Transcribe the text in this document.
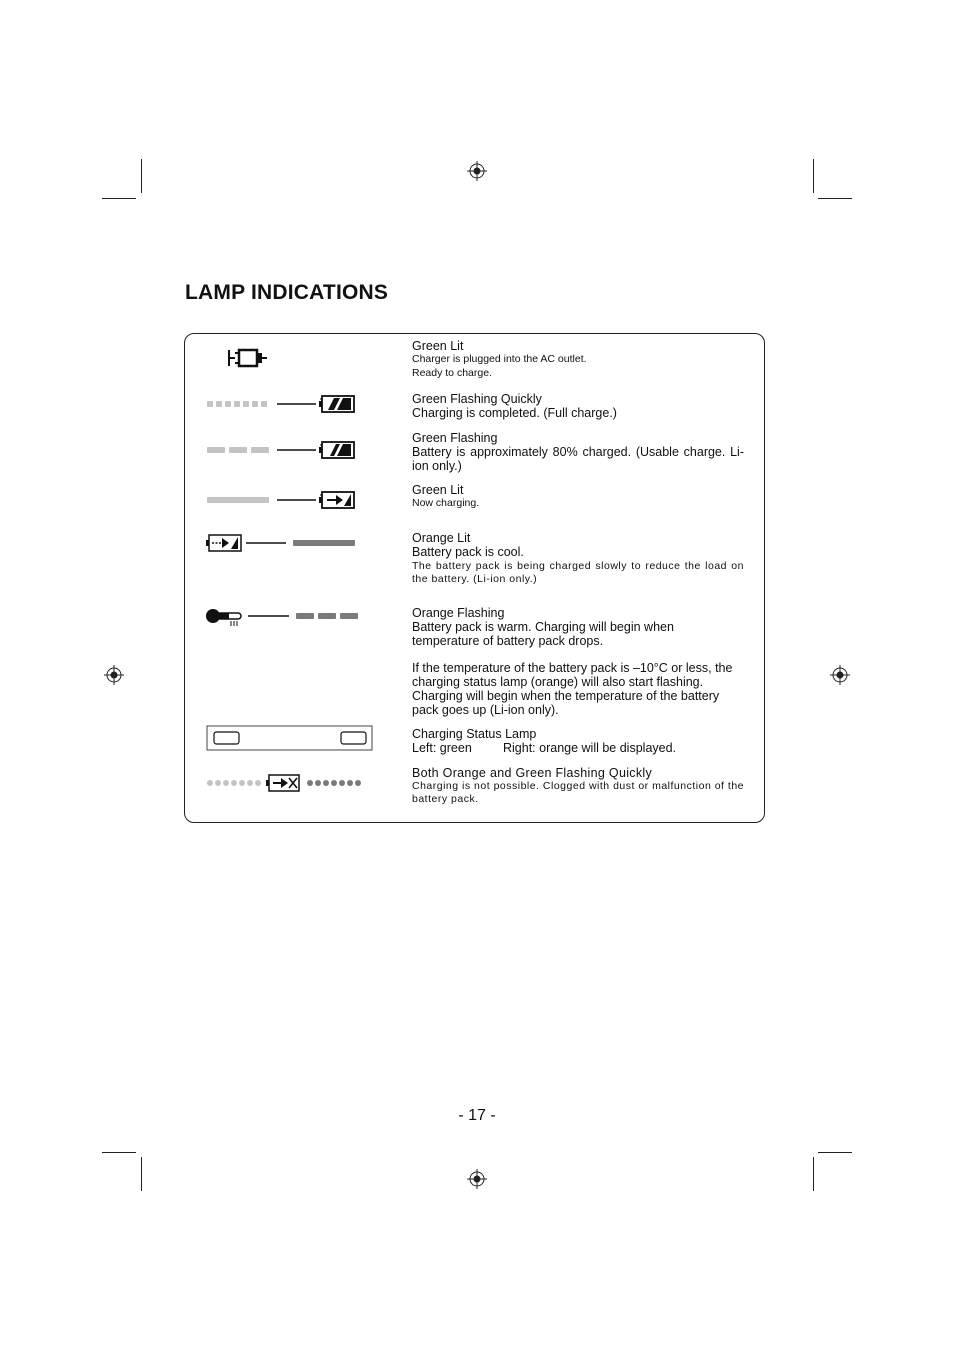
LAMP INDICATIONS
Green Lit
Charger is plugged into the AC outlet.
Ready to charge.
Green Flashing Quickly
Charging is completed. (Full charge.)
Green Flashing
Battery is approximately 80% charged. (Usable charge. Li-ion only.)
Green Lit
Now charging.
Orange Lit
Battery pack is cool.
The battery pack is being charged slowly to reduce the load on the battery. (Li-ion only.)
Orange Flashing
Battery pack is warm. Charging will begin when temperature of battery pack drops.
If the temperature of the battery pack is –10°C or less, the charging status lamp (orange) will also start flashing. Charging will begin when the temperature of the battery pack goes up (Li-ion only).
Charging Status Lamp
Left: green Right: orange will be displayed.
Both Orange and Green Flashing Quickly
Charging is not possible. Clogged with dust or malfunction of the battery pack.
- 17 -
